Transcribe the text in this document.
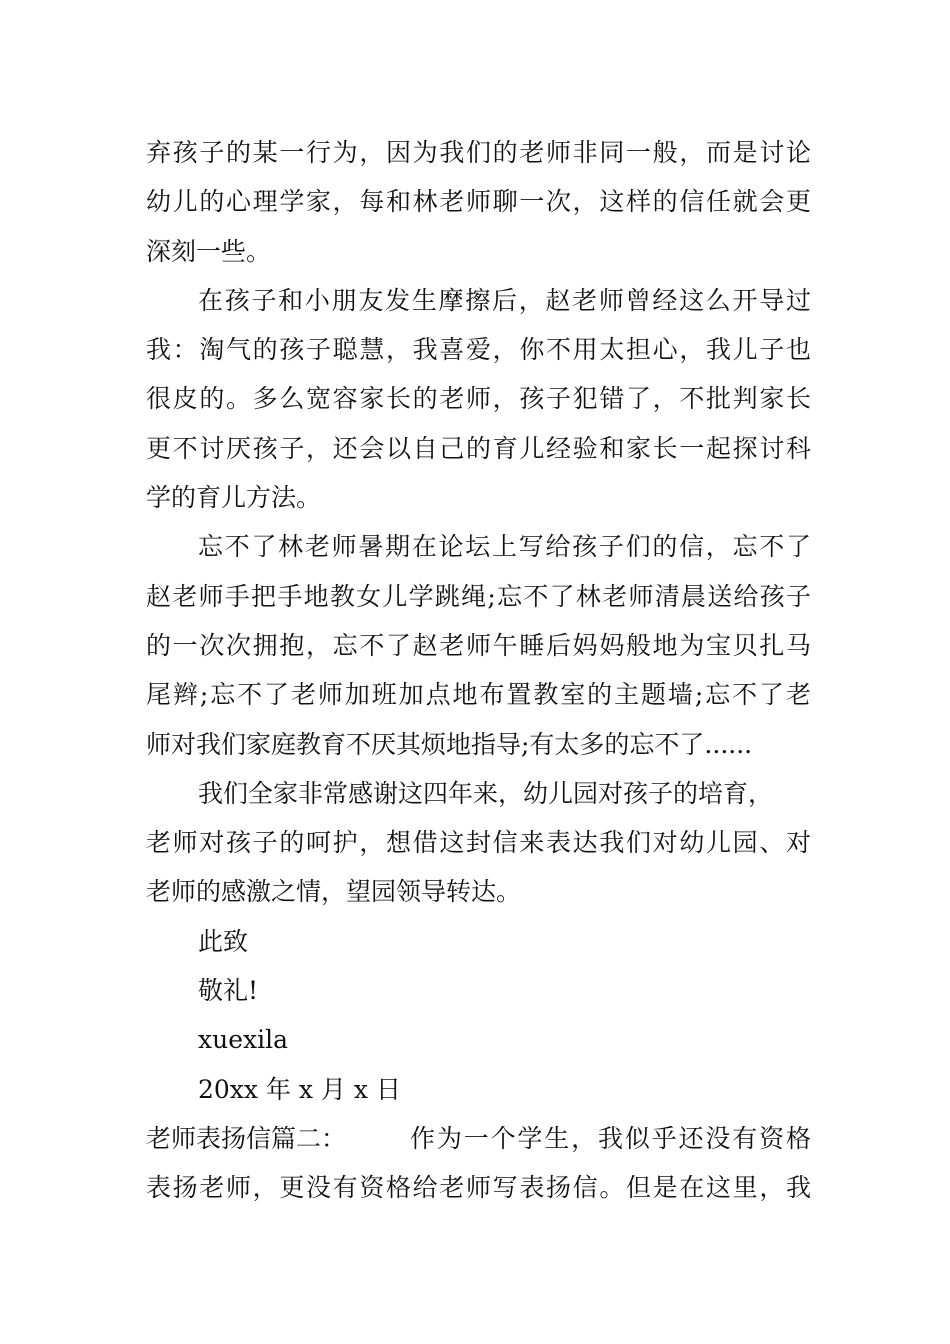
弃孩子的某一行为，因为我们的老师非同一般，而是讨论
幼儿的心理学家，每和林老师聊一次，这样的信任就会更
深刻一些。
在孩子和小朋友发生摩擦后，赵老师曾经这么开导过
我：淘气的孩子聪慧，我喜爱，你不用太担心，我儿子也
很皮的。多么宽容家长的老师，孩子犯错了，不批判家长
更不讨厌孩子，还会以自己的育儿经验和家长一起探讨科
学的育儿方法。
忘不了林老师暑期在论坛上写给孩子们的信，忘不了
赵老师手把手地教女儿学跳绳;忘不了林老师清晨送给孩子
的一次次拥抱，忘不了赵老师午睡后妈妈般地为宝贝扎马
尾辫;忘不了老师加班加点地布置教室的主题墙;忘不了老
师对我们家庭教育不厌其烦地指导;有太多的忘不了......
我们全家非常感谢这四年来，幼儿园对孩子的培育，
老师对孩子的呵护，想借这封信来表达我们对幼儿园、对
老师的感激之情，望园领导转达。
此致
敬礼!
xuexila
20xx 年 x 月 x 日
老师表扬信篇二：	作为一个学生，我似乎还没有资格
表扬老师，更没有资格给老师写表扬信。但是在这里，我
